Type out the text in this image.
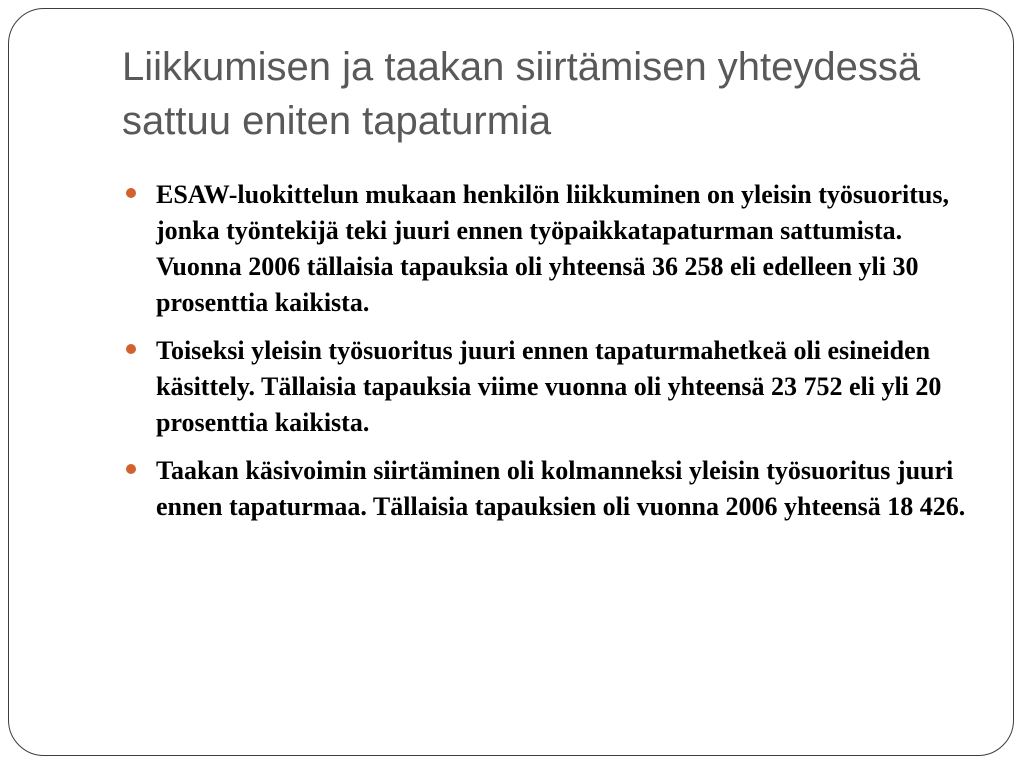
Liikkumisen ja taakan siirtämisen yhteydessä sattuu eniten tapaturmia
ESAW-luokittelun mukaan henkilön liikkuminen on yleisin työsuoritus, jonka työntekijä teki juuri ennen työpaikkatapaturman sattumista. Vuonna 2006 tällaisia tapauksia oli yhteensä 36 258 eli edelleen yli 30 prosenttia kaikista.
Toiseksi yleisin työsuoritus juuri ennen tapaturmahetkeä oli esineiden käsittely. Tällaisia tapauksia viime vuonna oli yhteensä 23 752 eli yli 20 prosenttia kaikista.
Taakan käsivoimin siirtäminen oli kolmanneksi yleisin työsuoritus juuri ennen tapaturmaa. Tällaisia tapauksien oli vuonna 2006 yhteensä 18 426.
